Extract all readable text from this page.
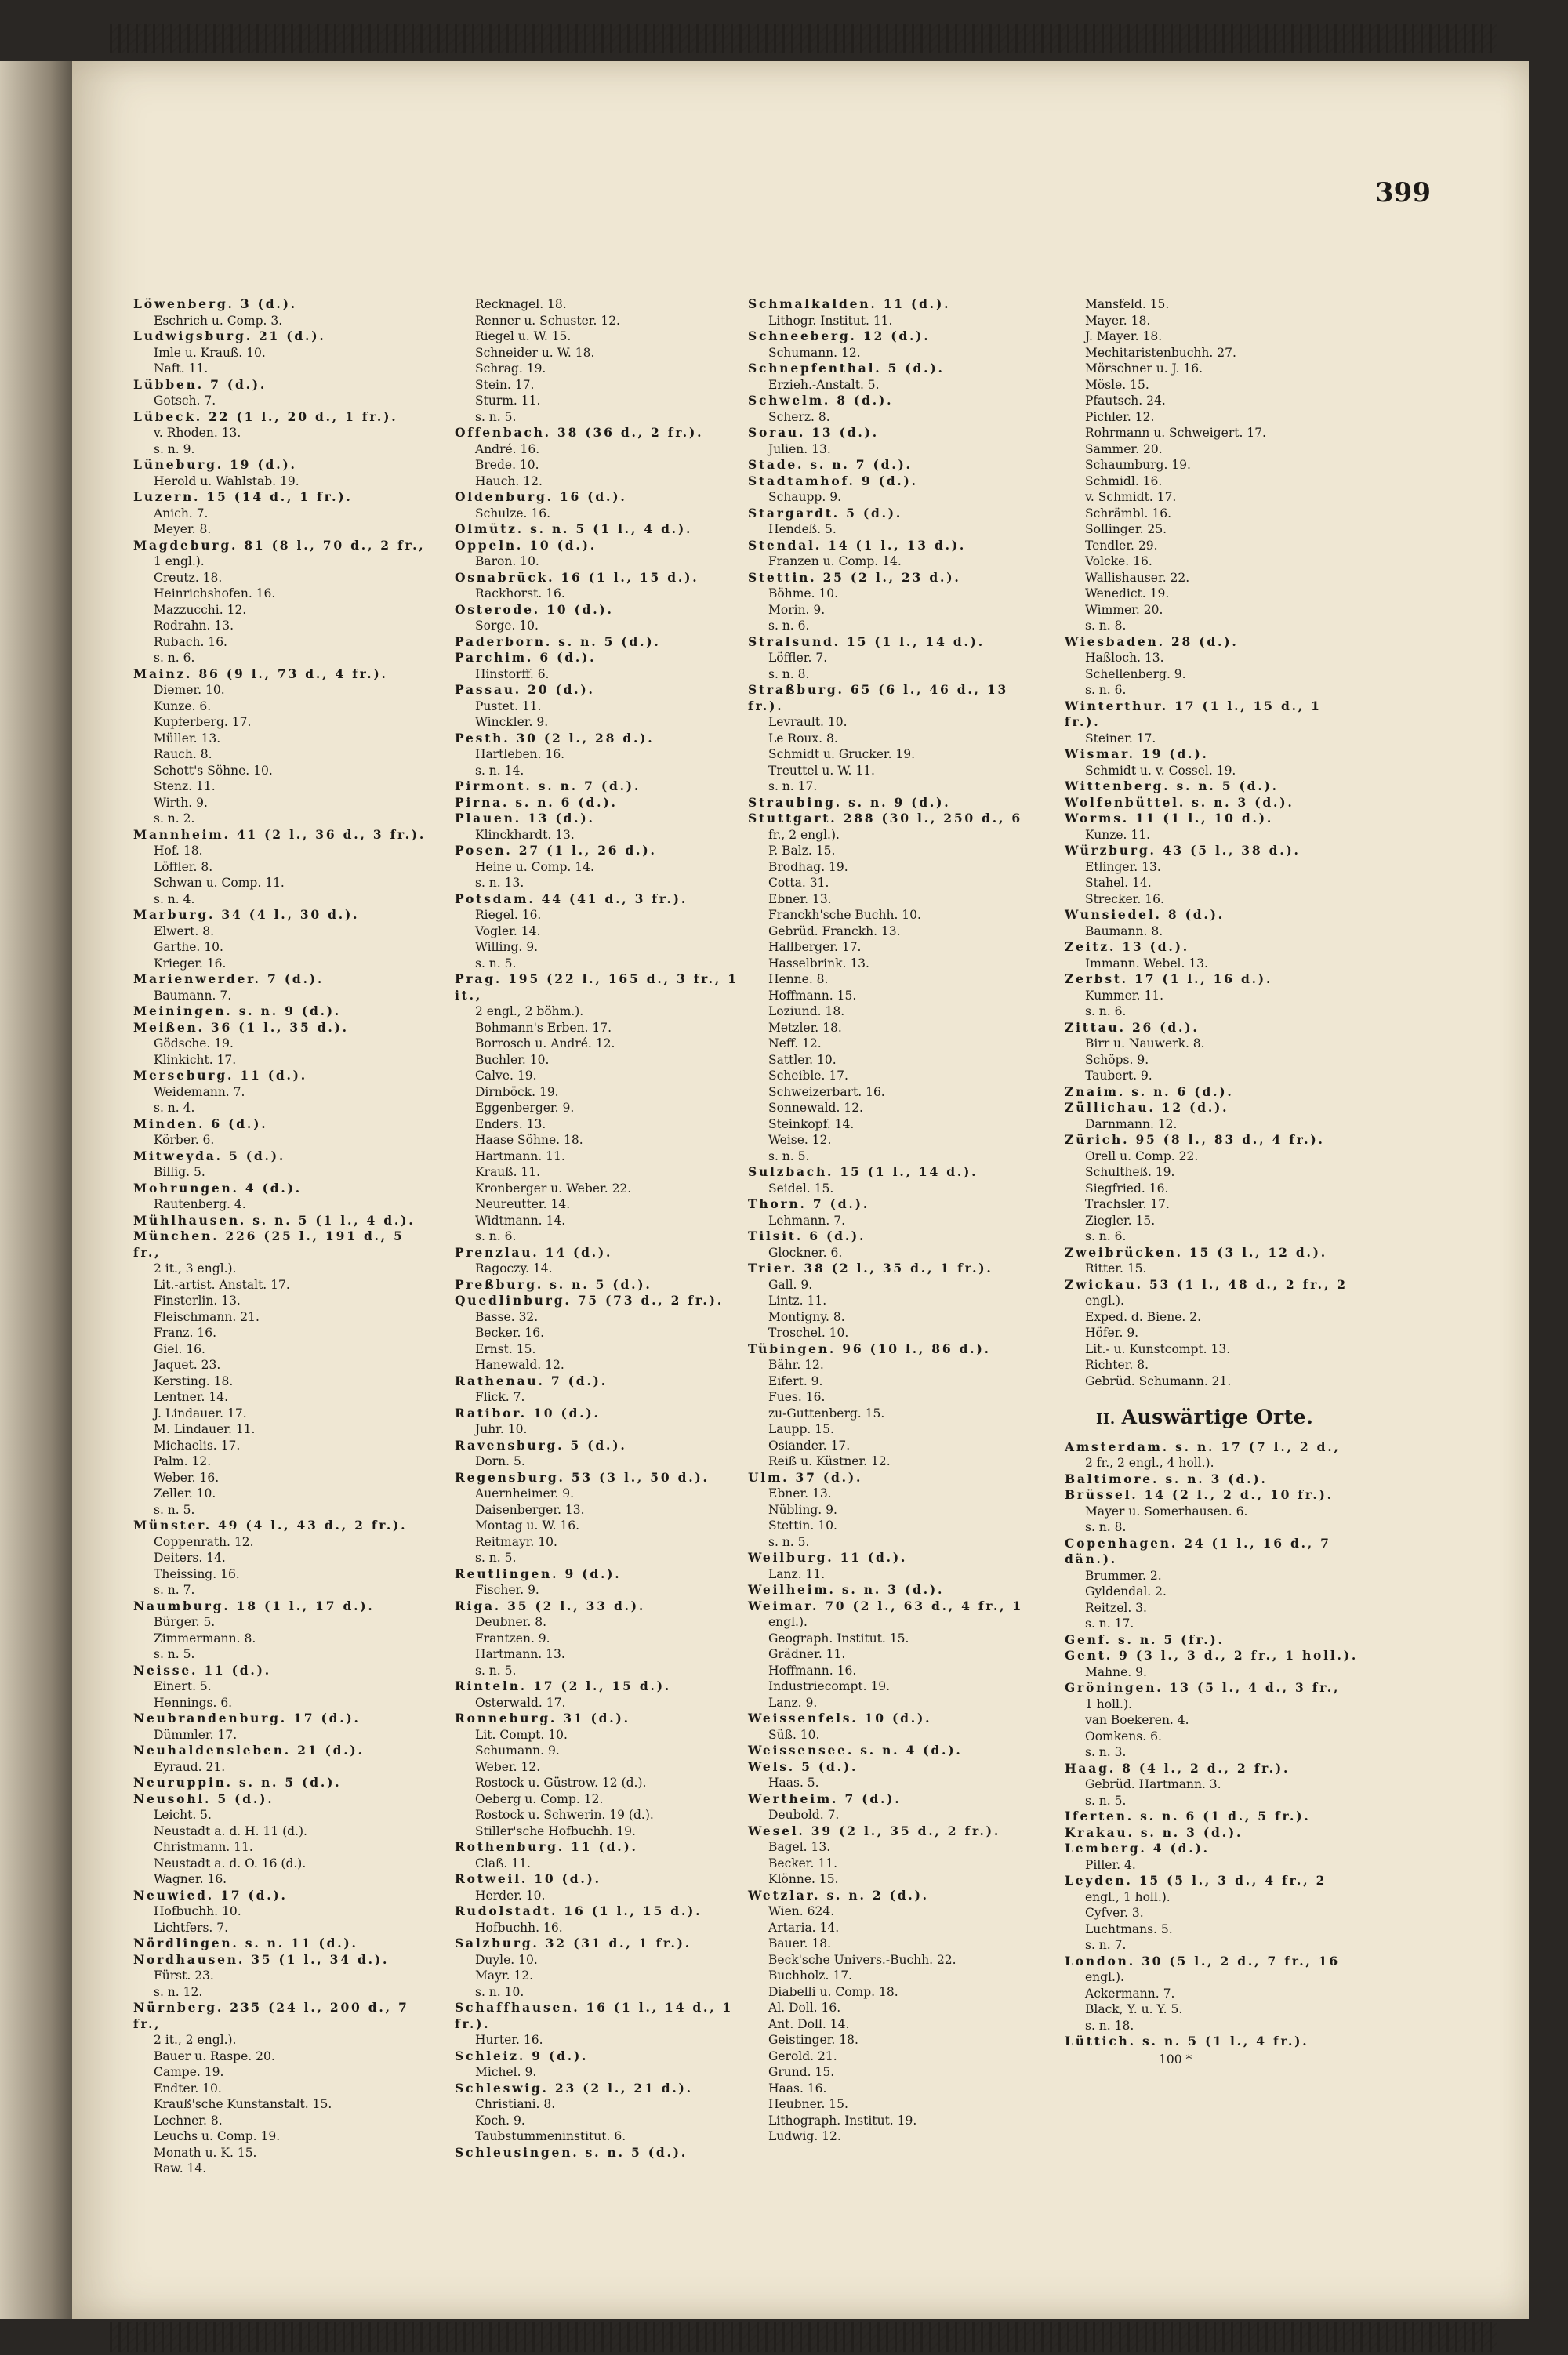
399
Löwenberg. 3 (d.).
Eschrich u. Comp. 3.
Ludwigsburg. 21 (d.).
Imle u. Krauß. 10.
Naft. 11.
Lübben. 7 (d.).
Gotsch. 7.
Lübeck. 22 (1 l., 20 d., 1 fr.).
v. Rhoden. 13.
s. n. 9.
Lüneburg. 19 (d.).
Herold u. Wahlstab. 19.
Luzern. 15 (14 d., 1 fr.).
Anich. 7.
Meyer. 8.
Magdeburg. 81 (8 l., 70 d., 2 fr.,
1 engl.).
Creutz. 18.
Heinrichshofen. 16.
Mazzucchi. 12.
Rodrahn. 13.
Rubach. 16.
s. n. 6.
Mainz. 86 (9 l., 73 d., 4 fr.).
Diemer. 10.
Kunze. 6.
Kupferberg. 17.
Müller. 13.
Rauch. 8.
Schott's Söhne. 10.
Stenz. 11.
Wirth. 9.
s. n. 2.
Mannheim. 41 (2 l., 36 d., 3 fr.).
Hof. 18.
Löffler. 8.
Schwan u. Comp. 11.
s. n. 4.
Marburg. 34 (4 l., 30 d.).
Elwert. 8.
Garthe. 10.
Krieger. 16.
Marienwerder. 7 (d.).
Baumann. 7.
Meiningen. s. n. 9 (d.).
Meißen. 36 (1 l., 35 d.).
Gödsche. 19.
Klinkicht. 17.
Merseburg. 11 (d.).
Weidemann. 7.
s. n. 4.
Minden. 6 (d.).
Körber. 6.
Mitweyda. 5 (d.).
Billig. 5.
Mohrungen. 4 (d.).
Rautenberg. 4.
Mühlhausen. s. n. 5 (1 l., 4 d.).
München. 226 (25 l., 191 d., 5 fr.,
2 it., 3 engl.).
Lit.-artist. Anstalt. 17.
Finsterlin. 13.
Fleischmann. 21.
Franz. 16.
Giel. 16.
Jaquet. 23.
Kersting. 18.
Lentner. 14.
J. Lindauer. 17.
M. Lindauer. 11.
Michaelis. 17.
Palm. 12.
Weber. 16.
Zeller. 10.
s. n. 5.
Münster. 49 (4 l., 43 d., 2 fr.).
Coppenrath. 12.
Deiters. 14.
Theissing. 16.
s. n. 7.
Naumburg. 18 (1 l., 17 d.).
Bürger. 5.
Zimmermann. 8.
s. n. 5.
Neisse. 11 (d.).
Einert. 5.
Hennings. 6.
Neubrandenburg. 17 (d.).
Dümmler. 17.
Neuhaldensleben. 21 (d.).
Eyraud. 21.
Neuruppin. s. n. 5 (d.).
Neusohl. 5 (d.).
Leicht. 5.
Neustadt a. d. H. 11 (d.).
Christmann. 11.
Neustadt a. d. O. 16 (d.).
Wagner. 16.
Neuwied. 17 (d.).
Hofbuchh. 10.
Lichtfers. 7.
Nördlingen. s. n. 11 (d.).
Nordhausen. 35 (1 l., 34 d.).
Fürst. 23.
s. n. 12.
Nürnberg. 235 (24 l., 200 d., 7 fr.,
2 it., 2 engl.).
Bauer u. Raspe. 20.
Campe. 19.
Endter. 10.
Krauß'sche Kunstanstalt. 15.
Lechner. 8.
Leuchs u. Comp. 19.
Monath u. K. 15.
Raw. 14.
Recknagel. 18.
Renner u. Schuster. 12.
Riegel u. W. 15.
Schneider u. W. 18.
Schrag. 19.
Stein. 17.
Sturm. 11.
s. n. 5.
Offenbach. 38 (36 d., 2 fr.).
André. 16.
Brede. 10.
Hauch. 12.
Oldenburg. 16 (d.).
Schulze. 16.
Olmütz. s. n. 5 (1 l., 4 d.).
Oppeln. 10 (d.).
Baron. 10.
Osnabrück. 16 (1 l., 15 d.).
Rackhorst. 16.
Osterode. 10 (d.).
Sorge. 10.
Paderborn. s. n. 5 (d.).
Parchim. 6 (d.).
Hinstorff. 6.
Passau. 20 (d.).
Pustet. 11.
Winckler. 9.
Pesth. 30 (2 l., 28 d.).
Hartleben. 16.
s. n. 14.
Pirmont. s. n. 7 (d.).
Pirna. s. n. 6 (d.).
Plauen. 13 (d.).
Klinckhardt. 13.
Posen. 27 (1 l., 26 d.).
Heine u. Comp. 14.
s. n. 13.
Potsdam. 44 (41 d., 3 fr.).
Riegel. 16.
Vogler. 14.
Willing. 9.
s. n. 5.
Prag. 195 (22 l., 165 d., 3 fr., 1 it.,
2 engl., 2 böhm.).
Bohmann's Erben. 17.
Borrosch u. André. 12.
Buchler. 10.
Calve. 19.
Dirnböck. 19.
Eggenberger. 9.
Enders. 13.
Haase Söhne. 18.
Hartmann. 11.
Krauß. 11.
Kronberger u. Weber. 22.
Neureutter. 14.
Widtmann. 14.
s. n. 6.
Prenzlau. 14 (d.).
Ragoczy. 14.
Preßburg. s. n. 5 (d.).
Quedlinburg. 75 (73 d., 2 fr.).
Basse. 32.
Becker. 16.
Ernst. 15.
Hanewald. 12.
Rathenau. 7 (d.).
Flick. 7.
Ratibor. 10 (d.).
Juhr. 10.
Ravensburg. 5 (d.).
Dorn. 5.
Regensburg. 53 (3 l., 50 d.).
Auernheimer. 9.
Daisenberger. 13.
Montag u. W. 16.
Reitmayr. 10.
s. n. 5.
Reutlingen. 9 (d.).
Fischer. 9.
Riga. 35 (2 l., 33 d.).
Deubner. 8.
Frantzen. 9.
Hartmann. 13.
s. n. 5.
Rinteln. 17 (2 l., 15 d.).
Osterwald. 17.
Ronneburg. 31 (d.).
Lit. Compt. 10.
Schumann. 9.
Weber. 12.
Rostock u. Güstrow. 12 (d.).
Oeberg u. Comp. 12.
Rostock u. Schwerin. 19 (d.).
Stiller'sche Hofbuchh. 19.
Rothenburg. 11 (d.).
Claß. 11.
Rotweil. 10 (d.).
Herder. 10.
Rudolstadt. 16 (1 l., 15 d.).
Hofbuchh. 16.
Salzburg. 32 (31 d., 1 fr.).
Duyle. 10.
Mayr. 12.
s. n. 10.
Schaffhausen. 16 (1 l., 14 d., 1 fr.).
Hurter. 16.
Schleiz. 9 (d.).
Michel. 9.
Schleswig. 23 (2 l., 21 d.).
Christiani. 8.
Koch. 9.
Taubstummeninstitut. 6.
Schleusingen. s. n. 5 (d.).
Schmalkalden. 11 (d.).
Lithogr. Institut. 11.
Schneeberg. 12 (d.).
Schumann. 12.
Schnepfenthal. 5 (d.).
Erzieh.-Anstalt. 5.
Schwelm. 8 (d.).
Scherz. 8.
Sorau. 13 (d.).
Julien. 13.
Stade. s. n. 7 (d.).
Stadtamhof. 9 (d.).
Schaupp. 9.
Stargardt. 5 (d.).
Hendeß. 5.
Stendal. 14 (1 l., 13 d.).
Franzen u. Comp. 14.
Stettin. 25 (2 l., 23 d.).
Böhme. 10.
Morin. 9.
s. n. 6.
Stralsund. 15 (1 l., 14 d.).
Löffler. 7.
s. n. 8.
Straßburg. 65 (6 l., 46 d., 13 fr.).
Levrault. 10.
Le Roux. 8.
Schmidt u. Grucker. 19.
Treuttel u. W. 11.
s. n. 17.
Straubing. s. n. 9 (d.).
Stuttgart. 288 (30 l., 250 d., 6
fr., 2 engl.).
P. Balz. 15.
Brodhag. 19.
Cotta. 31.
Ebner. 13.
Franckh'sche Buchh. 10.
Gebrüd. Franckh. 13.
Hallberger. 17.
Hasselbrink. 13.
Henne. 8.
Hoffmann. 15.
Loziund. 18.
Metzler. 18.
Neff. 12.
Sattler. 10.
Scheible. 17.
Schweizerbart. 16.
Sonnewald. 12.
Steinkopf. 14.
Weise. 12.
s. n. 5.
Sulzbach. 15 (1 l., 14 d.).
Seidel. 15.
Thorn. 7 (d.).
Lehmann. 7.
Tilsit. 6 (d.).
Glockner. 6.
Trier. 38 (2 l., 35 d., 1 fr.).
Gall. 9.
Lintz. 11.
Montigny. 8.
Troschel. 10.
Tübingen. 96 (10 l., 86 d.).
Bähr. 12.
Eifert. 9.
Fues. 16.
zu-Guttenberg. 15.
Laupp. 15.
Osiander. 17.
Reiß u. Küstner. 12.
Ulm. 37 (d.).
Ebner. 13.
Nübling. 9.
Stettin. 10.
s. n. 5.
Weilburg. 11 (d.).
Lanz. 11.
Weilheim. s. n. 3 (d.).
Weimar. 70 (2 l., 63 d., 4 fr., 1
engl.).
Geograph. Institut. 15.
Grädner. 11.
Hoffmann. 16.
Industriecompt. 19.
Lanz. 9.
Weissenfels. 10 (d.).
Süß. 10.
Weissensee. s. n. 4 (d.).
Wels. 5 (d.).
Haas. 5.
Wertheim. 7 (d.).
Deubold. 7.
Wesel. 39 (2 l., 35 d., 2 fr.).
Bagel. 13.
Becker. 11.
Klönne. 15.
Wetzlar. s. n. 2 (d.).
Wien. 624.
Artaria. 14.
Bauer. 18.
Beck'sche Univers.-Buchh. 22.
Buchholz. 17.
Diabelli u. Comp. 18.
Al. Doll. 16.
Ant. Doll. 14.
Geistinger. 18.
Gerold. 21.
Grund. 15.
Haas. 16.
Heubner. 15.
Lithograph. Institut. 19.
Ludwig. 12.
Mansfeld. 15.
Mayer. 18.
J. Mayer. 18.
Mechitaristenbuchh. 27.
Mörschner u. J. 16.
Mösle. 15.
Pfautsch. 24.
Pichler. 12.
Rohrmann u. Schweigert. 17.
Sammer. 20.
Schaumburg. 19.
Schmidl. 16.
v. Schmidt. 17.
Schrämbl. 16.
Sollinger. 25.
Tendler. 29.
Volcke. 16.
Wallishauser. 22.
Wenedict. 19.
Wimmer. 20.
s. n. 8.
Wiesbaden. 28 (d.).
Haßloch. 13.
Schellenberg. 9.
s. n. 6.
Winterthur. 17 (1 l., 15 d., 1 fr.).
Steiner. 17.
Wismar. 19 (d.).
Schmidt u. v. Cossel. 19.
Wittenberg. s. n. 5 (d.).
Wolfenbüttel. s. n. 3 (d.).
Worms. 11 (1 l., 10 d.).
Kunze. 11.
Würzburg. 43 (5 l., 38 d.).
Etlinger. 13.
Stahel. 14.
Strecker. 16.
Wunsiedel. 8 (d.).
Baumann. 8.
Zeitz. 13 (d.).
Immann. Webel. 13.
Zerbst. 17 (1 l., 16 d.).
Kummer. 11.
s. n. 6.
Zittau. 26 (d.).
Birr u. Nauwerk. 8.
Schöps. 9.
Taubert. 9.
Znaim. s. n. 6 (d.).
Züllichau. 12 (d.).
Darnmann. 12.
Zürich. 95 (8 l., 83 d., 4 fr.).
Orell u. Comp. 22.
Schultheß. 19.
Siegfried. 16.
Trachsler. 17.
Ziegler. 15.
s. n. 6.
Zweibrücken. 15 (3 l., 12 d.).
Ritter. 15.
Zwickau. 53 (1 l., 48 d., 2 fr., 2
engl.).
Exped. d. Biene. 2.
Höfer. 9.
Lit.- u. Kunstcompt. 13.
Richter. 8.
Gebrüd. Schumann. 21.
II. Auswärtige Orte.
Amsterdam. s. n. 17 (7 l., 2 d.,
2 fr., 2 engl., 4 holl.).
Baltimore. s. n. 3 (d.).
Brüssel. 14 (2 l., 2 d., 10 fr.).
Mayer u. Somerhausen. 6.
s. n. 8.
Copenhagen. 24 (1 l., 16 d., 7 dän.).
Brummer. 2.
Gyldendal. 2.
Reitzel. 3.
s. n. 17.
Genf. s. n. 5 (fr.).
Gent. 9 (3 l., 3 d., 2 fr., 1 holl.).
Mahne. 9.
Gröningen. 13 (5 l., 4 d., 3 fr.,
1 holl.).
van Boekeren. 4.
Oomkens. 6.
s. n. 3.
Haag. 8 (4 l., 2 d., 2 fr.).
Gebrüd. Hartmann. 3.
s. n. 5.
Iferten. s. n. 6 (1 d., 5 fr.).
Krakau. s. n. 3 (d.).
Lemberg. 4 (d.).
Piller. 4.
Leyden. 15 (5 l., 3 d., 4 fr., 2
engl., 1 holl.).
Cyfver. 3.
Luchtmans. 5.
s. n. 7.
London. 30 (5 l., 2 d., 7 fr., 16
engl.).
Ackermann. 7.
Black, Y. u. Y. 5.
s. n. 18.
Lüttich. s. n. 5 (1 l., 4 fr.).
100 *
